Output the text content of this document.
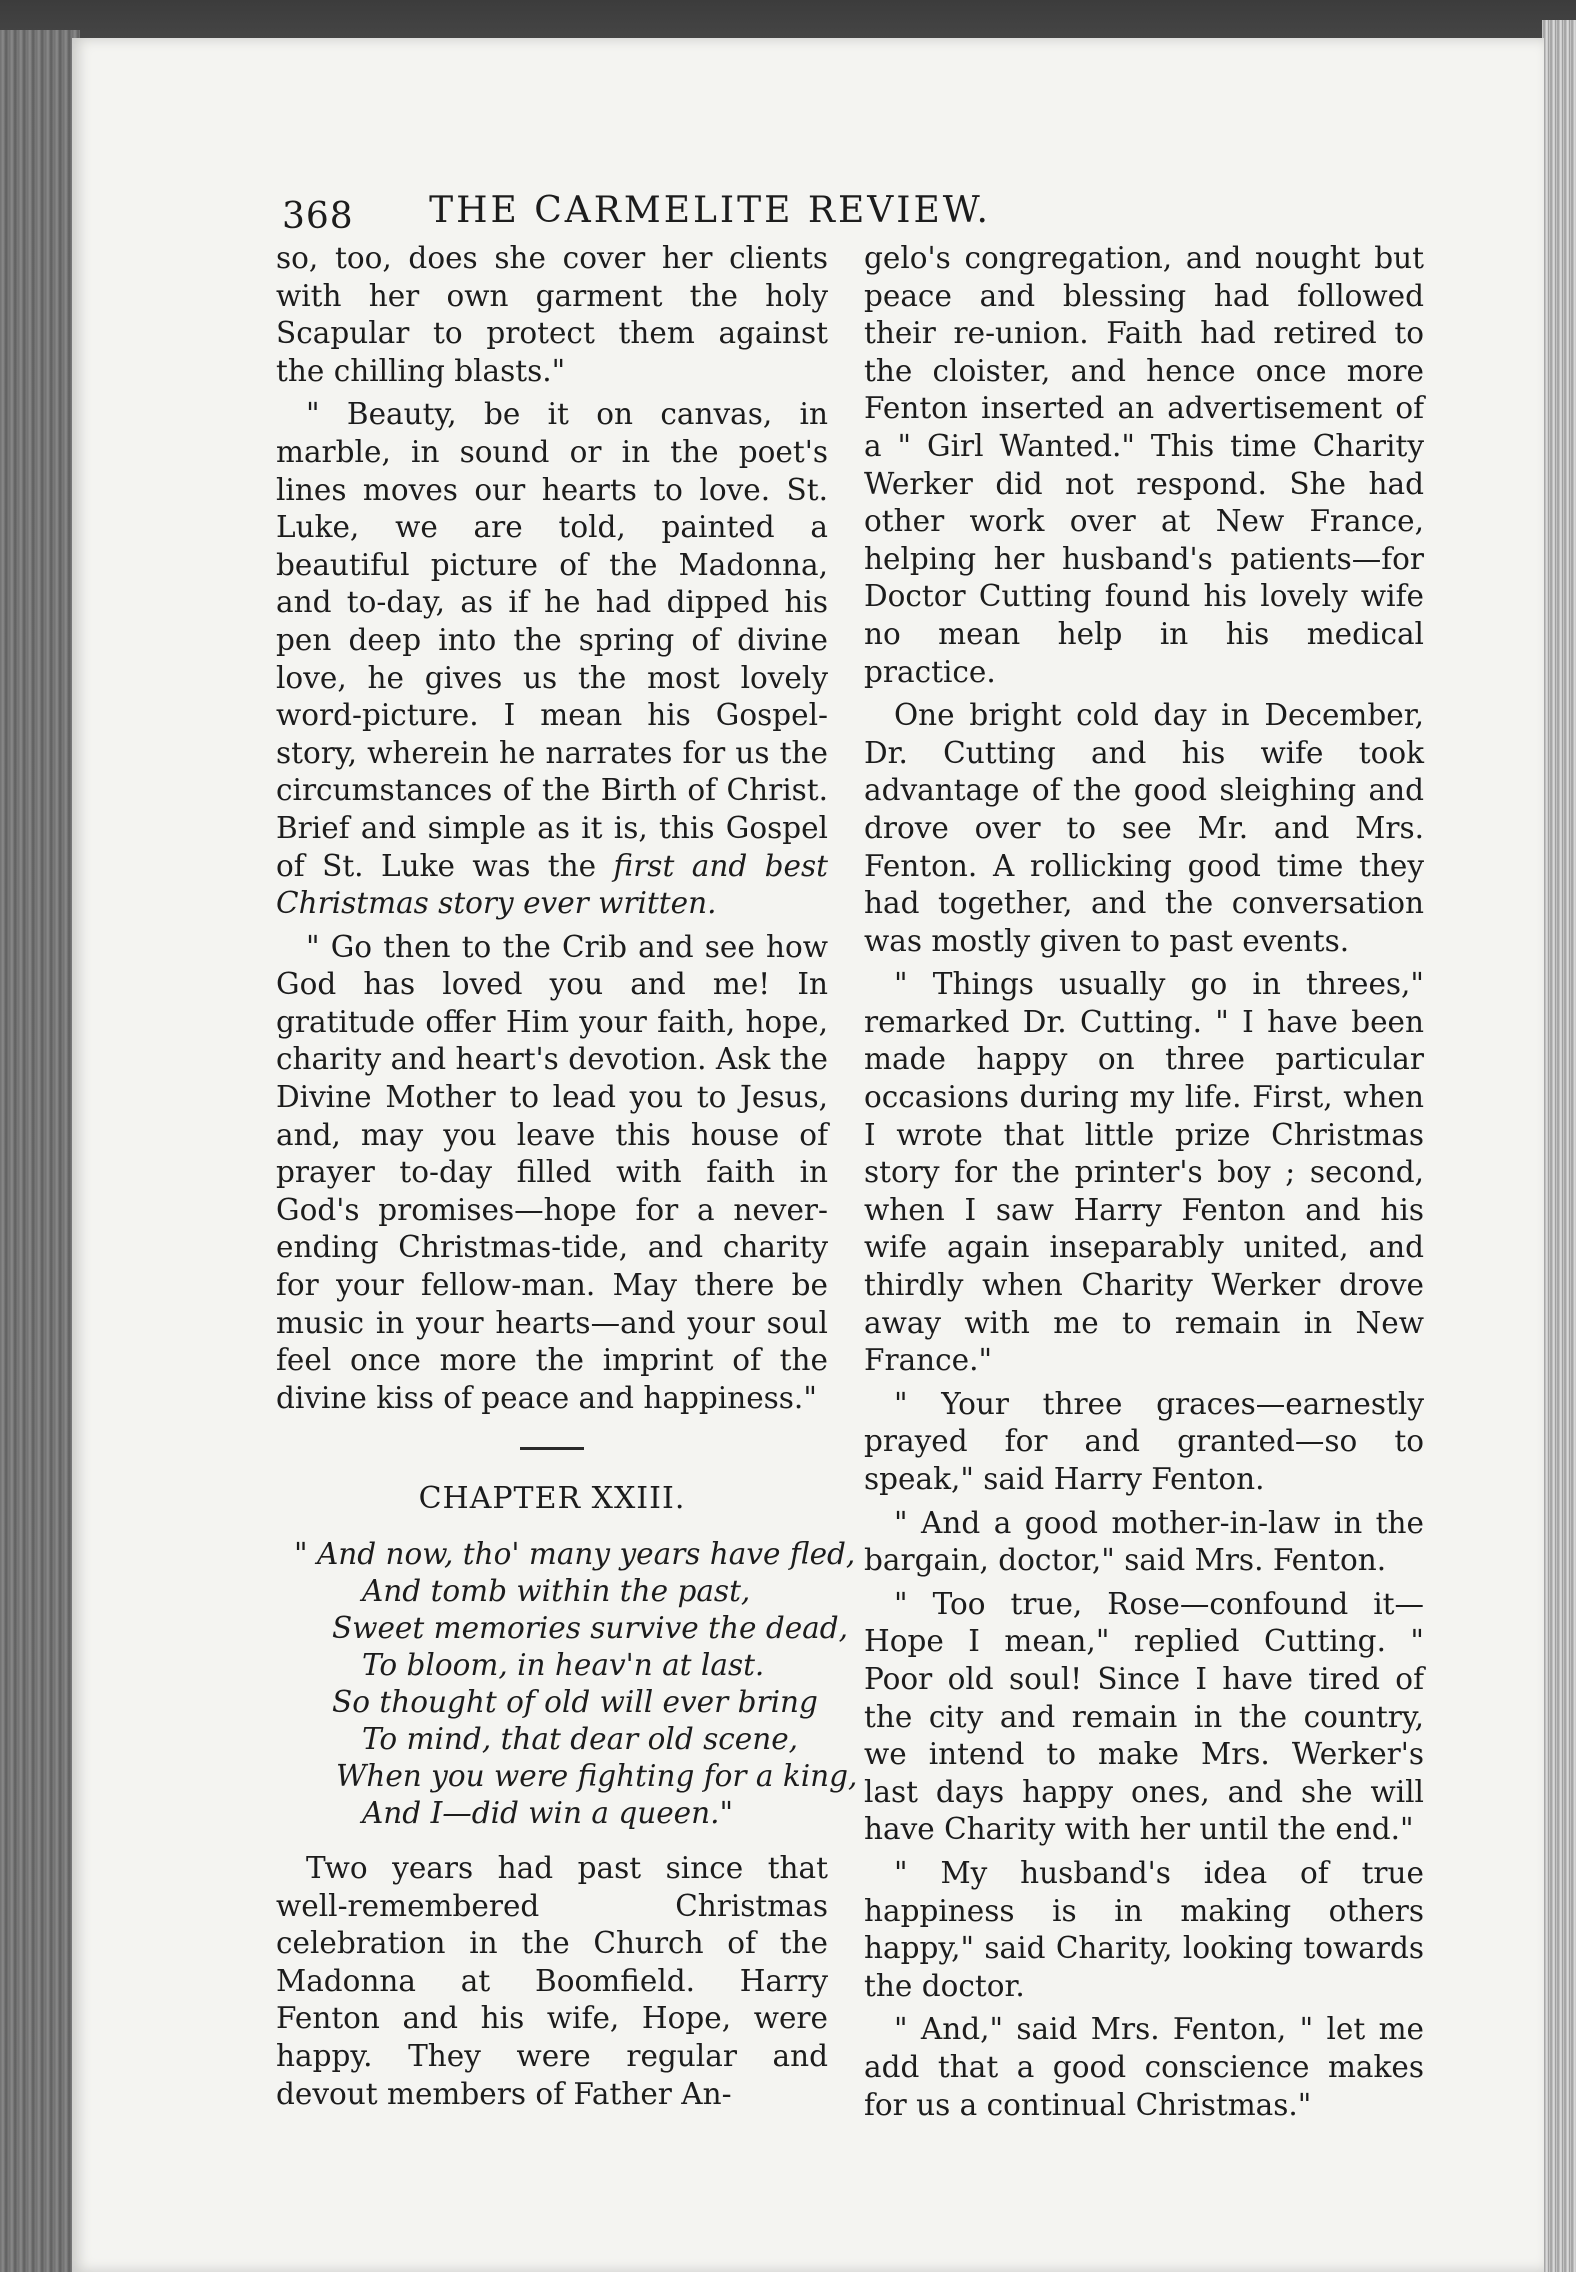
368	THE CARMELITE REVIEW.

so, too, does she cover her clients with her own garment the holy Scapular to protect them against the chilling blasts."

" Beauty, be it on canvas, in marble, in sound or in the poet's lines moves our hearts to love. St. Luke, we are told, painted a beautiful picture of the Madonna, and to-day, as if he had dipped his pen deep into the spring of divine love, he gives us the most lovely word-picture. I mean his Gospel-story, wherein he narrates for us the circumstances of the Birth of Christ. Brief and simple as it is, this Gospel of St. Luke was the first and best Christmas story ever written.

" Go then to the Crib and see how God has loved you and me! In gratitude offer Him your faith, hope, charity and heart's devotion. Ask the Divine Mother to lead you to Jesus, and, may you leave this house of prayer to-day filled with faith in God's promises—hope for a never-ending Christmas-tide, and charity for your fellow-man. May there be music in your hearts—and your soul feel once more the imprint of the divine kiss of peace and happiness."

CHAPTER XXIII.
" And now, tho' many years have fled,
And tomb within the past,
Sweet memories survive the dead,
To bloom, in heav'n at last.
So thought of old will ever bring
To mind, that dear old scene,
When you were fighting for a king,
And I—did win a queen."

Two years had past since that well-remembered Christmas celebration in the Church of the Madonna at Boomfield. Harry Fenton and his wife, Hope, were happy. They were regular and devout members of Father An-

gelo's congregation, and nought but peace and blessing had followed their re-union. Faith had retired to the cloister, and hence once more Fenton inserted an advertisement of a " Girl Wanted." This time Charity Werker did not respond. She had other work over at New France, helping her husband's patients—for Doctor Cutting found his lovely wife no mean help in his medical practice.

One bright cold day in December, Dr. Cutting and his wife took advantage of the good sleighing and drove over to see Mr. and Mrs. Fenton. A rollicking good time they had together, and the conversation was mostly given to past events.

" Things usually go in threes," remarked Dr. Cutting. " I have been made happy on three particular occasions during my life. First, when I wrote that little prize Christmas story for the printer's boy ; second, when I saw Harry Fenton and his wife again inseparably united, and thirdly when Charity Werker drove away with me to remain in New France."

" Your three graces—earnestly prayed for and granted—so to speak," said Harry Fenton.

" And a good mother-in-law in the bargain, doctor," said Mrs. Fenton.

" Too true, Rose—confound it—Hope I mean," replied Cutting. " Poor old soul! Since I have tired of the city and remain in the country, we intend to make Mrs. Werker's last days happy ones, and she will have Charity with her until the end."

" My husband's idea of true happiness is in making others happy," said Charity, looking towards the doctor.

" And," said Mrs. Fenton, " let me add that a good conscience makes for us a continual Christmas."
